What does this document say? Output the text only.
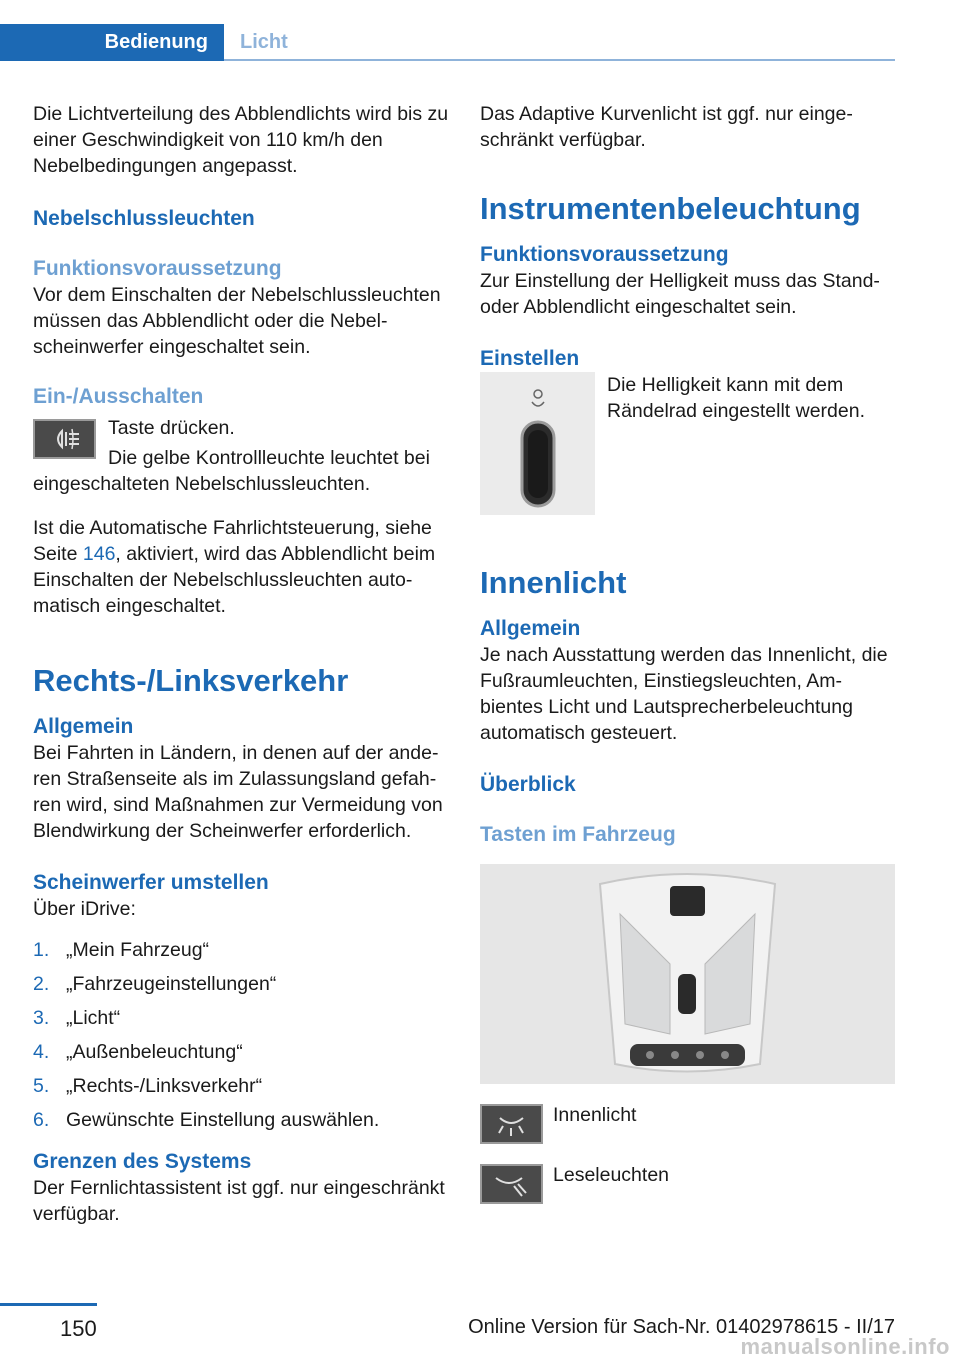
Bedienung	Licht

Die Lichtverteilung des Abblendlichts wird bis zu einer Geschwindigkeit von 110 km/h den Nebelbedingungen angepasst.

Nebelschlussleuchten
Funktionsvoraussetzung

Vor dem Einschalten der Nebelschlussleuchten müssen das Abblendlicht oder die Nebelscheinwerfer eingeschaltet sein.

Ein-/Ausschalten

Taste drücken.

Die gelbe Kontrollleuchte leuchtet bei

eingeschalteten Nebelschlussleuchten.

Ist die Automatische Fahrlichtsteuerung, siehe Seite 146, aktiviert, wird das Abblendlicht beim Einschalten der Nebelschlussleuchten automatisch eingeschaltet.

Rechts-/Linksverkehr
Allgemein

Bei Fahrten in Ländern, in denen auf der anderen Straßenseite als im Zulassungsland gefahren wird, sind Maßnahmen zur Vermeidung von Blendwirkung der Scheinwerfer erforderlich.

Scheinwerfer umstellen

Über iDrive:

1. „Mein Fahrzeug“
2. „Fahrzeugeinstellungen“
3. „Licht“
4. „Außenbeleuchtung“
5. „Rechts-/Linksverkehr“
6. Gewünschte Einstellung auswählen.
Grenzen des Systems

Der Fernlichtassistent ist ggf. nur eingeschränkt verfügbar.

Das Adaptive Kurvenlicht ist ggf. nur eingeschränkt verfügbar.

Instrumentenbeleuchtung
Funktionsvoraussetzung

Zur Einstellung der Helligkeit muss das Stand- oder Abblendlicht eingeschaltet sein.

Einstellen

Die Helligkeit kann mit dem Rändelrad eingestellt werden.

Innenlicht
Allgemein

Je nach Ausstattung werden das Innenlicht, die Fußraumleuchten, Einstiegsleuchten, Ambientes Licht und Lautsprecherbeleuchtung automatisch gesteuert.

Überblick
Tasten im Fahrzeug

Innenlicht

Leseleuchten

150	Online Version für Sach-Nr. 01402978615 - II/17
manualsonline.info
